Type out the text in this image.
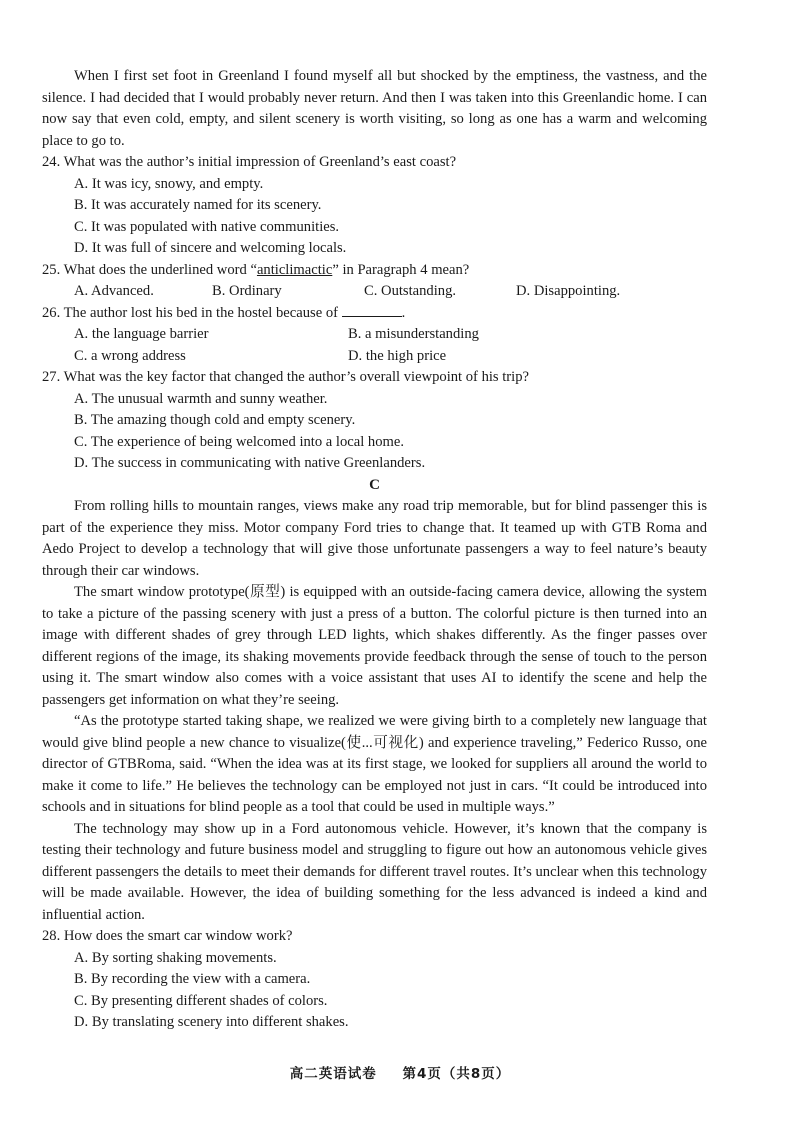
When I first set foot in Greenland I found myself all but shocked by the emptiness, the vastness, and the silence. I had decided that I would probably never return. And then I was taken into this Greenlandic home. I can now say that even cold, empty, and silent scenery is worth visiting, so long as one has a warm and welcoming place to go to.

24. What was the author’s initial impression of Greenland’s east coast?

A. It was icy, snowy, and empty.

B. It was accurately named for its scenery.

C. It was populated with native communities.

D. It was full of sincere and welcoming locals.

25. What does the underlined word “anticlimactic” in Paragraph 4 mean?

A. Advanced.	B. Ordinary	C. Outstanding.	D. Disappointing.

26. The author lost his bed in the hostel because of	.

A. the language barrier	B. a misunderstanding
C. a wrong address	D. the high price

27. What was the key factor that changed the author’s overall viewpoint of his trip?

A. The unusual warmth and sunny weather.

B. The amazing though cold and empty scenery.

C. The experience of being welcomed into a local home.

D. The success in communicating with native Greenlanders.

C

From rolling hills to mountain ranges, views make any road trip memorable, but for blind passenger this is part of the experience they miss. Motor company Ford tries to change that. It teamed up with GTB Roma and Aedo Project to develop a technology that will give those unfortunate passengers a way to feel nature’s beauty through their car windows.

The smart window prototype(原型) is equipped with an outside-facing camera device, allowing the system to take a picture of the passing scenery with just a press of a button. The colorful picture is then turned into an image with different shades of grey through LED lights, which shakes differently. As the finger passes over different regions of the image, its shaking movements provide feedback through the sense of touch to the person using it. The smart window also comes with a voice assistant that uses AI to identify the scene and help the passengers get information on what they’re seeing.

“As the prototype started taking shape, we realized we were giving birth to a completely new language that would give blind people a new chance to visualize(使...可视化) and experience traveling,” Federico Russo, one director of GTBRoma, said. “When the idea was at its first stage, we looked for suppliers all around the world to make it come to life.” He believes the technology can be employed not just in cars. “It could be introduced into schools and in situations for blind people as a tool that could be used in multiple ways.”

The technology may show up in a Ford autonomous vehicle. However, it’s known that the company is testing their technology and future business model and struggling to figure out how an autonomous vehicle gives different passengers the details to meet their demands for different travel routes. It’s unclear when this technology will be made available. However, the idea of building something for the less advanced is indeed a kind and influential action.

28. How does the smart car window work?

A. By sorting shaking movements.

B. By recording the view with a camera.

C. By presenting different shades of colors.

D. By translating scenery into different shakes.

高二英语试卷 第4页（共8页）
